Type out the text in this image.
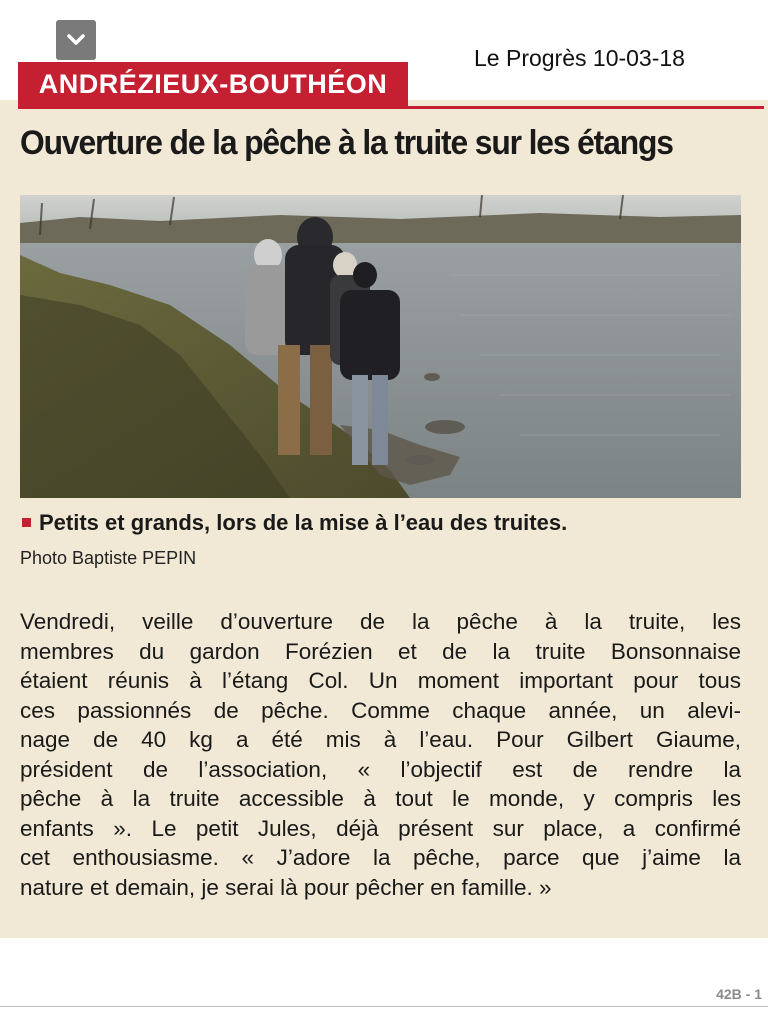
Le Progrès 10-03-18
ANDRÉZIEUX-BOUTHÉON
Ouverture de la pêche à la truite sur les étangs
Petits et grands, lors de la mise à l’eau des truites.
Photo Baptiste PEPIN
Vendredi, veille d’ouverture de la pêche à la truite, les
membres du gardon Forézien et de la truite Bonsonnaise
étaient réunis à l’étang Col. Un moment important pour tous
ces passionnés de pêche. Comme chaque année, un alevi-
nage de 40 kg a été mis à l’eau. Pour Gilbert Giaume,
président de l’association, « l’objectif est de rendre la
pêche à la truite accessible à tout le monde, y compris les
enfants ». Le petit Jules, déjà présent sur place, a confirmé
cet enthousiasme. « J’adore la pêche, parce que j’aime la
nature et demain, je serai là pour pêcher en famille. »
42B - 1
